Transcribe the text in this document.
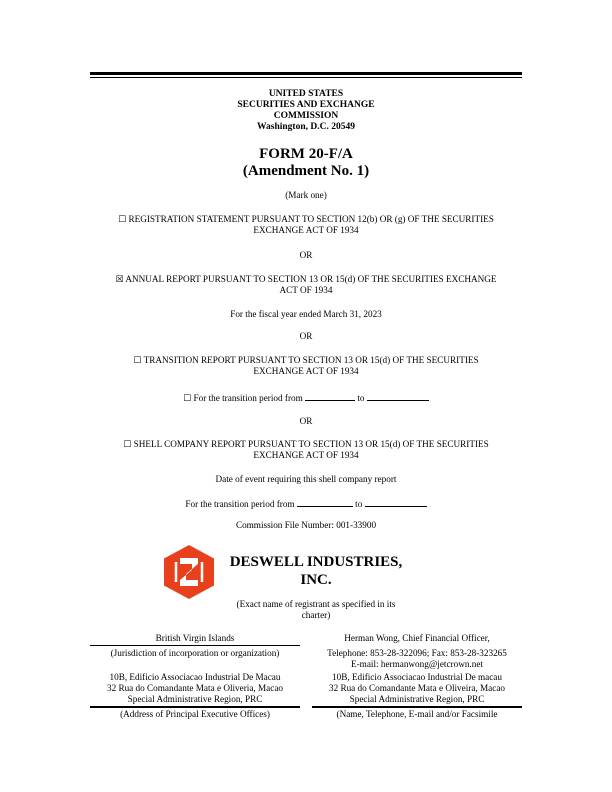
UNITED STATES
SECURITIES AND EXCHANGE
COMMISSION
Washington, D.C. 20549
FORM 20-F/A
(Amendment No. 1)
(Mark one)
☐ REGISTRATION STATEMENT PURSUANT TO SECTION 12(b) OR (g) OF THE SECURITIES
EXCHANGE ACT OF 1934
OR
☒ ANNUAL REPORT PURSUANT TO SECTION 13 OR 15(d) OF THE SECURITIES EXCHANGE
ACT OF 1934
For the fiscal year ended March 31, 2023
OR
☐ TRANSITION REPORT PURSUANT TO SECTION 13 OR 15(d) OF THE SECURITIES
EXCHANGE ACT OF 1934
☐ For the transition period from	to
OR
☐ SHELL COMPANY REPORT PURSUANT TO SECTION 13 OR 15(d) OF THE SECURITIES
EXCHANGE ACT OF 1934
Date of event requiring this shell company report
For the transition period from	to
Commission File Number: 001-33900
DESWELL INDUSTRIES,
INC.
(Exact name of registrant as specified in its
charter)
British Virgin Islands
(Jurisdiction of incorporation or organization)
10B, Edificio Associacao Industrial De Macau
32 Rua do Comandante Mata e Oliveria, Macao
Special Administrative Region, PRC
(Address of Principal Executive Offices)
Herman Wong, Chief Financial Officer,
Telephone: 853-28-322096; Fax: 853-28-323265
E-mail: hermanwong@jetcrown.net
10B, Edificio Associacao Industrial De macau
32 Rua do Comandante Mata e Oliveira, Macao
Special Administrative Region, PRC
(Name, Telephone, E-mail and/or Facsimile
